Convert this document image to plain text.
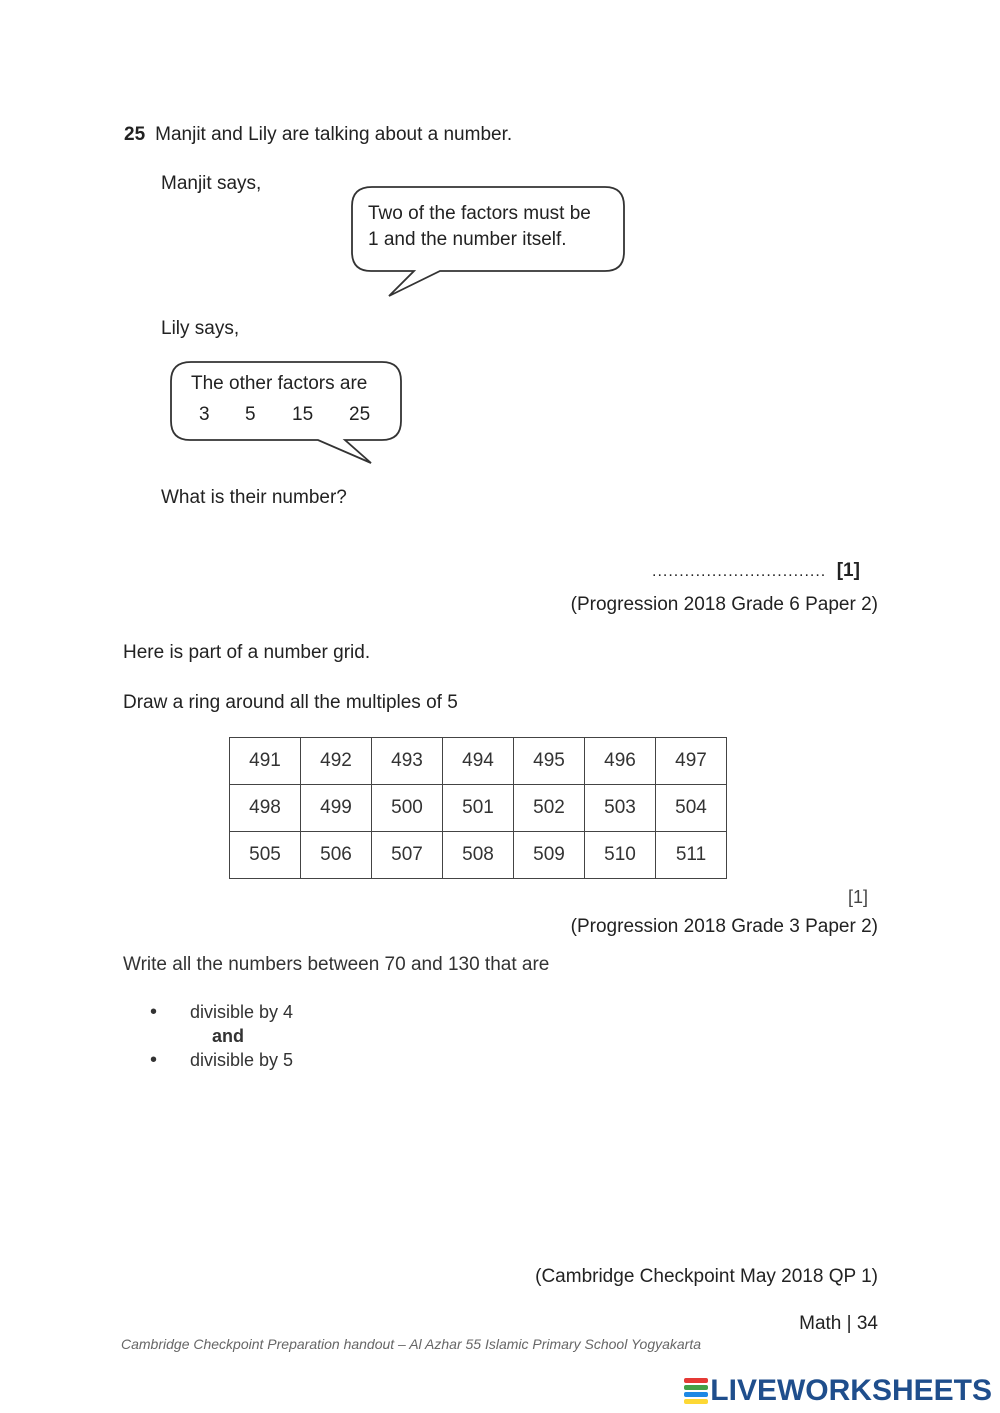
25 Manjit and Lily are talking about a number.
Manjit says,
Two of the factors must be
1 and the number itself.
Lily says,
The other factors are
3 5 15 25
What is their number?
................................ [1]
(Progression 2018 Grade 6 Paper 2)
Here is part of a number grid.
Draw a ring around all the multiples of 5
491	492	493	494	495	496	497
498	499	500	501	502	503	504
505	506	507	508	509	510	511
[1]
(Progression 2018 Grade 3 Paper 2)
Write all the numbers between 70 and 130 that are
•	divisible by 4
and
•	divisible by 5
(Cambridge Checkpoint May 2018 QP 1)
Math | 34
Cambridge Checkpoint Preparation handout – Al Azhar 55 Islamic Primary School Yogyakarta
LIVEWORKSHEETS
